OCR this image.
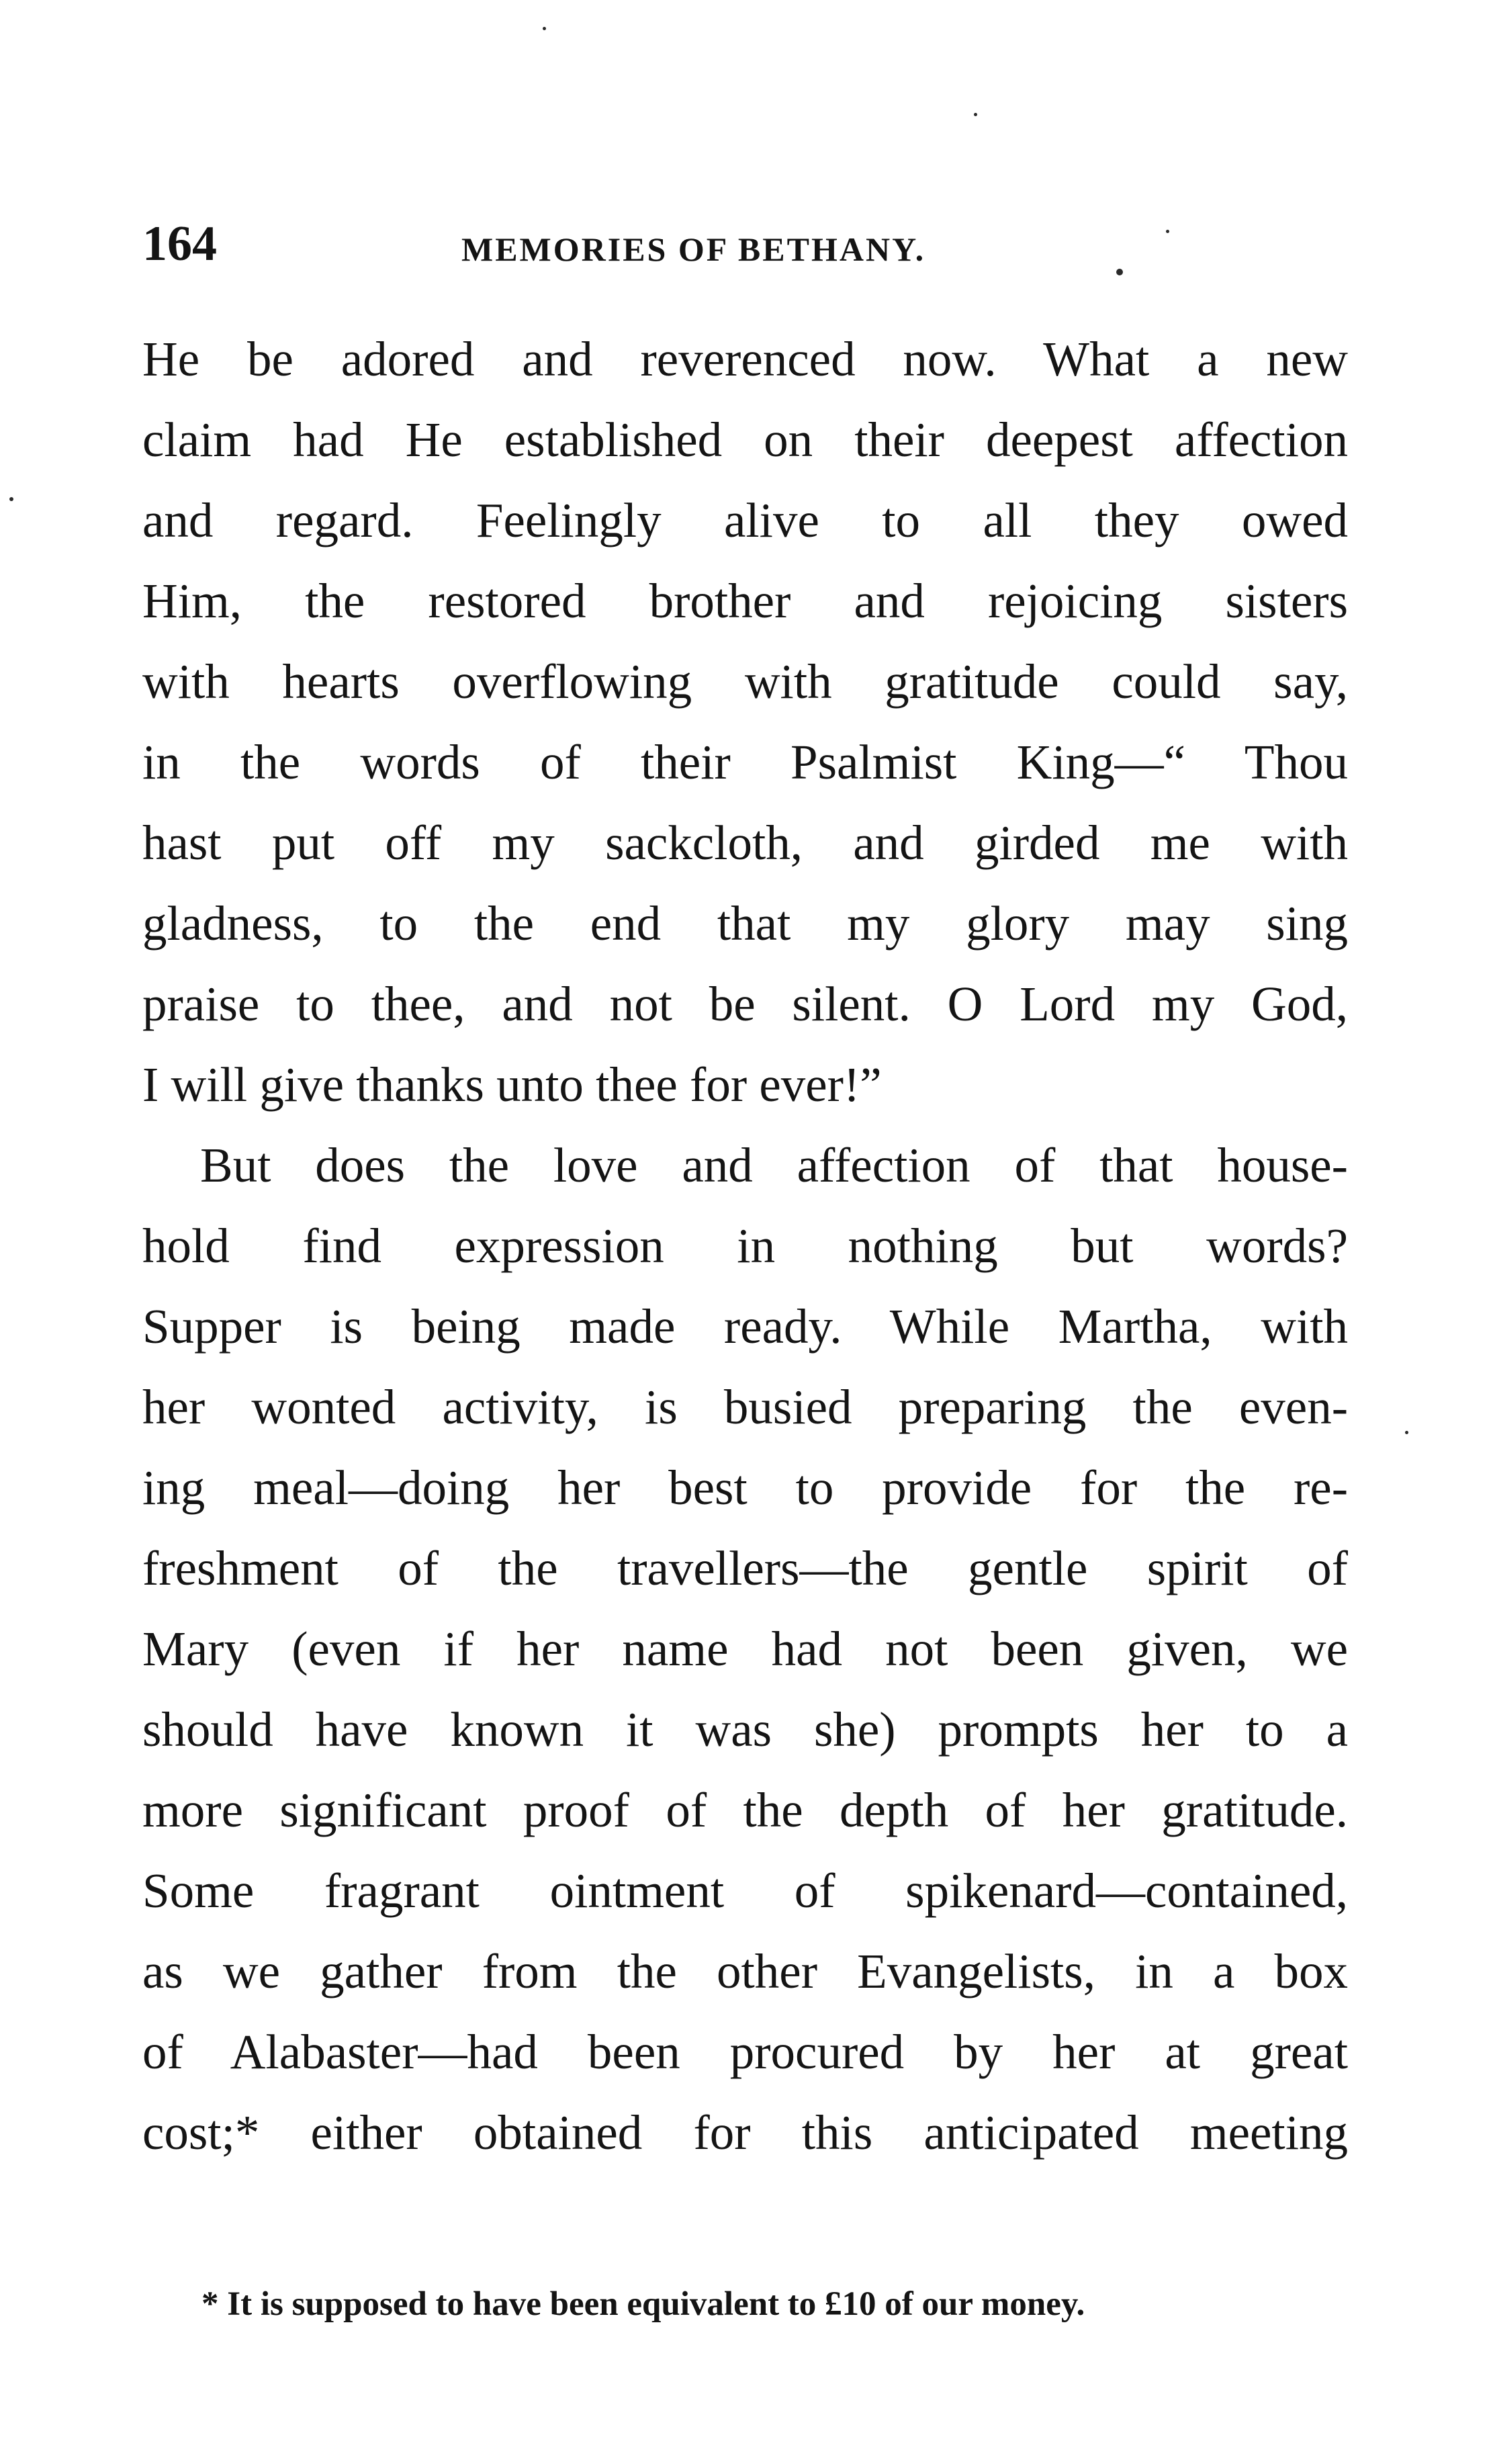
164	MEMORIES OF BETHANY.

He be adored and reverenced now. What a new
claim had He established on their deepest affection
and regard. Feelingly alive to all they owed
Him, the restored brother and rejoicing sisters
with hearts overflowing with gratitude could say,
in the words of their Psalmist King—“ Thou
hast put off my sackcloth, and girded me with
gladness, to the end that my glory may sing
praise to thee, and not be silent. O Lord my God,
I will give thanks unto thee for ever!”

But does the love and affection of that house-
hold find expression in nothing but words?
Supper is being made ready. While Martha, with
her wonted activity, is busied preparing the even-
ing meal—doing her best to provide for the re-
freshment of the travellers—the gentle spirit of
Mary (even if her name had not been given, we
should have known it was she) prompts her to a
more significant proof of the depth of her gratitude.
Some fragrant ointment of spikenard—contained,
as we gather from the other Evangelists, in a box
of Alabaster—had been procured by her at great
cost;* either obtained for this anticipated meeting

* It is supposed to have been equivalent to £10 of our money.
